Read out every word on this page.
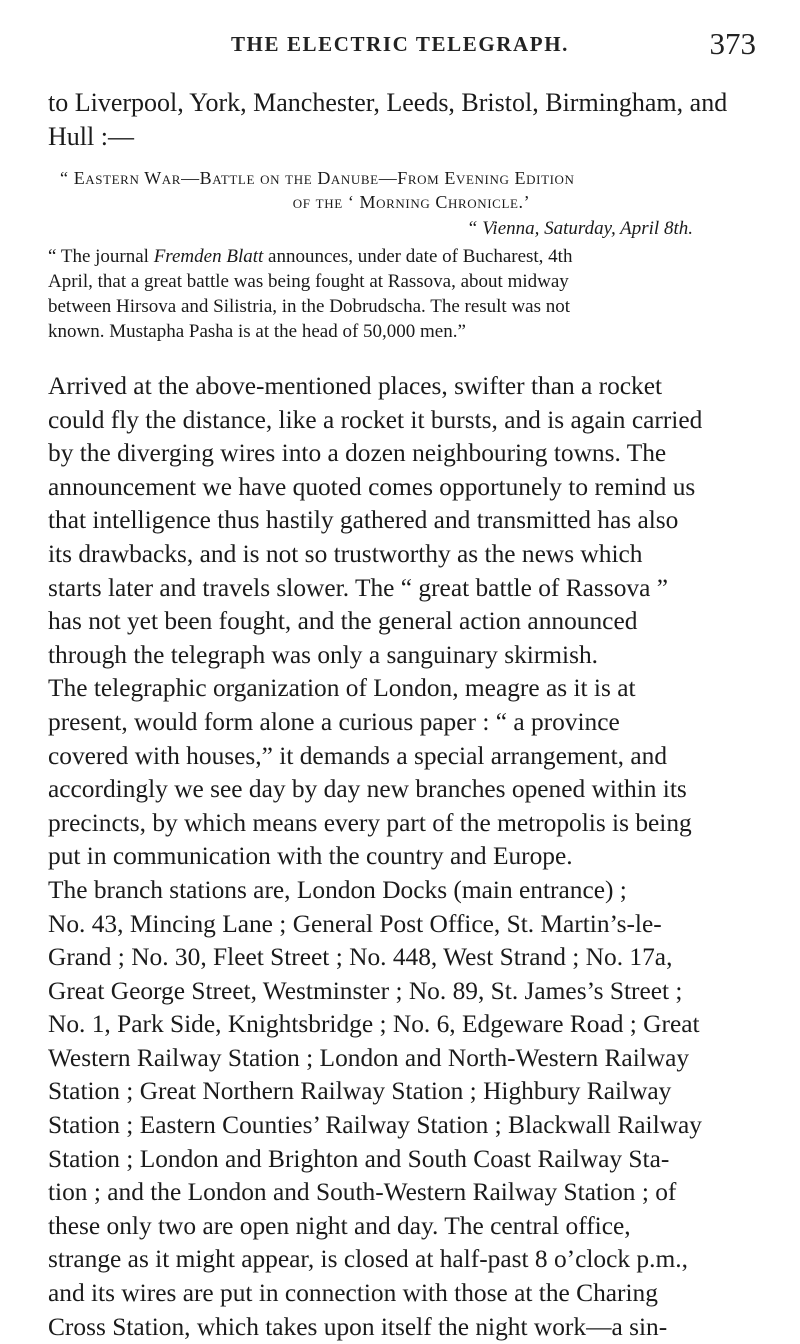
THE ELECTRIC TELEGRAPH.	373

to Liverpool, York, Manchester, Leeds, Bristol, Birmingham, and
Hull :—

“ Eastern War—Battle on the Danube—From Evening Edition
of the ‘ Morning Chronicle.’

“ Vienna, Saturday, April 8th.

“ The journal Fremden Blatt announces, under date of Bucharest, 4th
April, that a great battle was being fought at Rassova, about midway
between Hirsova and Silistria, in the Dobrudscha. The result was not
known. Mustapha Pasha is at the head of 50,000 men.”

Arrived at the above-mentioned places, swifter than a rocket
could fly the distance, like a rocket it bursts, and is again carried
by the diverging wires into a dozen neighbouring towns. The
announcement we have quoted comes opportunely to remind us
that intelligence thus hastily gathered and transmitted has also
its drawbacks, and is not so trustworthy as the news which
starts later and travels slower. The “ great battle of Rassova ”
has not yet been fought, and the general action announced
through the telegraph was only a sanguinary skirmish.
The telegraphic organization of London, meagre as it is at
present, would form alone a curious paper : “ a province
covered with houses,” it demands a special arrangement, and
accordingly we see day by day new branches opened within its
precincts, by which means every part of the metropolis is being
put in communication with the country and Europe.
The branch stations are, London Docks (main entrance) ;
No. 43, Mincing Lane ; General Post Office, St. Martin’s-le-
Grand ; No. 30, Fleet Street ; No. 448, West Strand ; No. 17a,
Great George Street, Westminster ; No. 89, St. James’s Street ;
No. 1, Park Side, Knightsbridge ; No. 6, Edgeware Road ; Great
Western Railway Station ; London and North-Western Railway
Station ; Great Northern Railway Station ; Highbury Railway
Station ; Eastern Counties’ Railway Station ; Blackwall Railway
Station ; London and Brighton and South Coast Railway Sta-
tion ; and the London and South-Western Railway Station ; of
these only two are open night and day. The central office,
strange as it might appear, is closed at half-past 8 o’clock p.m.,
and its wires are put in connection with those at the Charing
Cross Station, which takes upon itself the night work—a sin-
